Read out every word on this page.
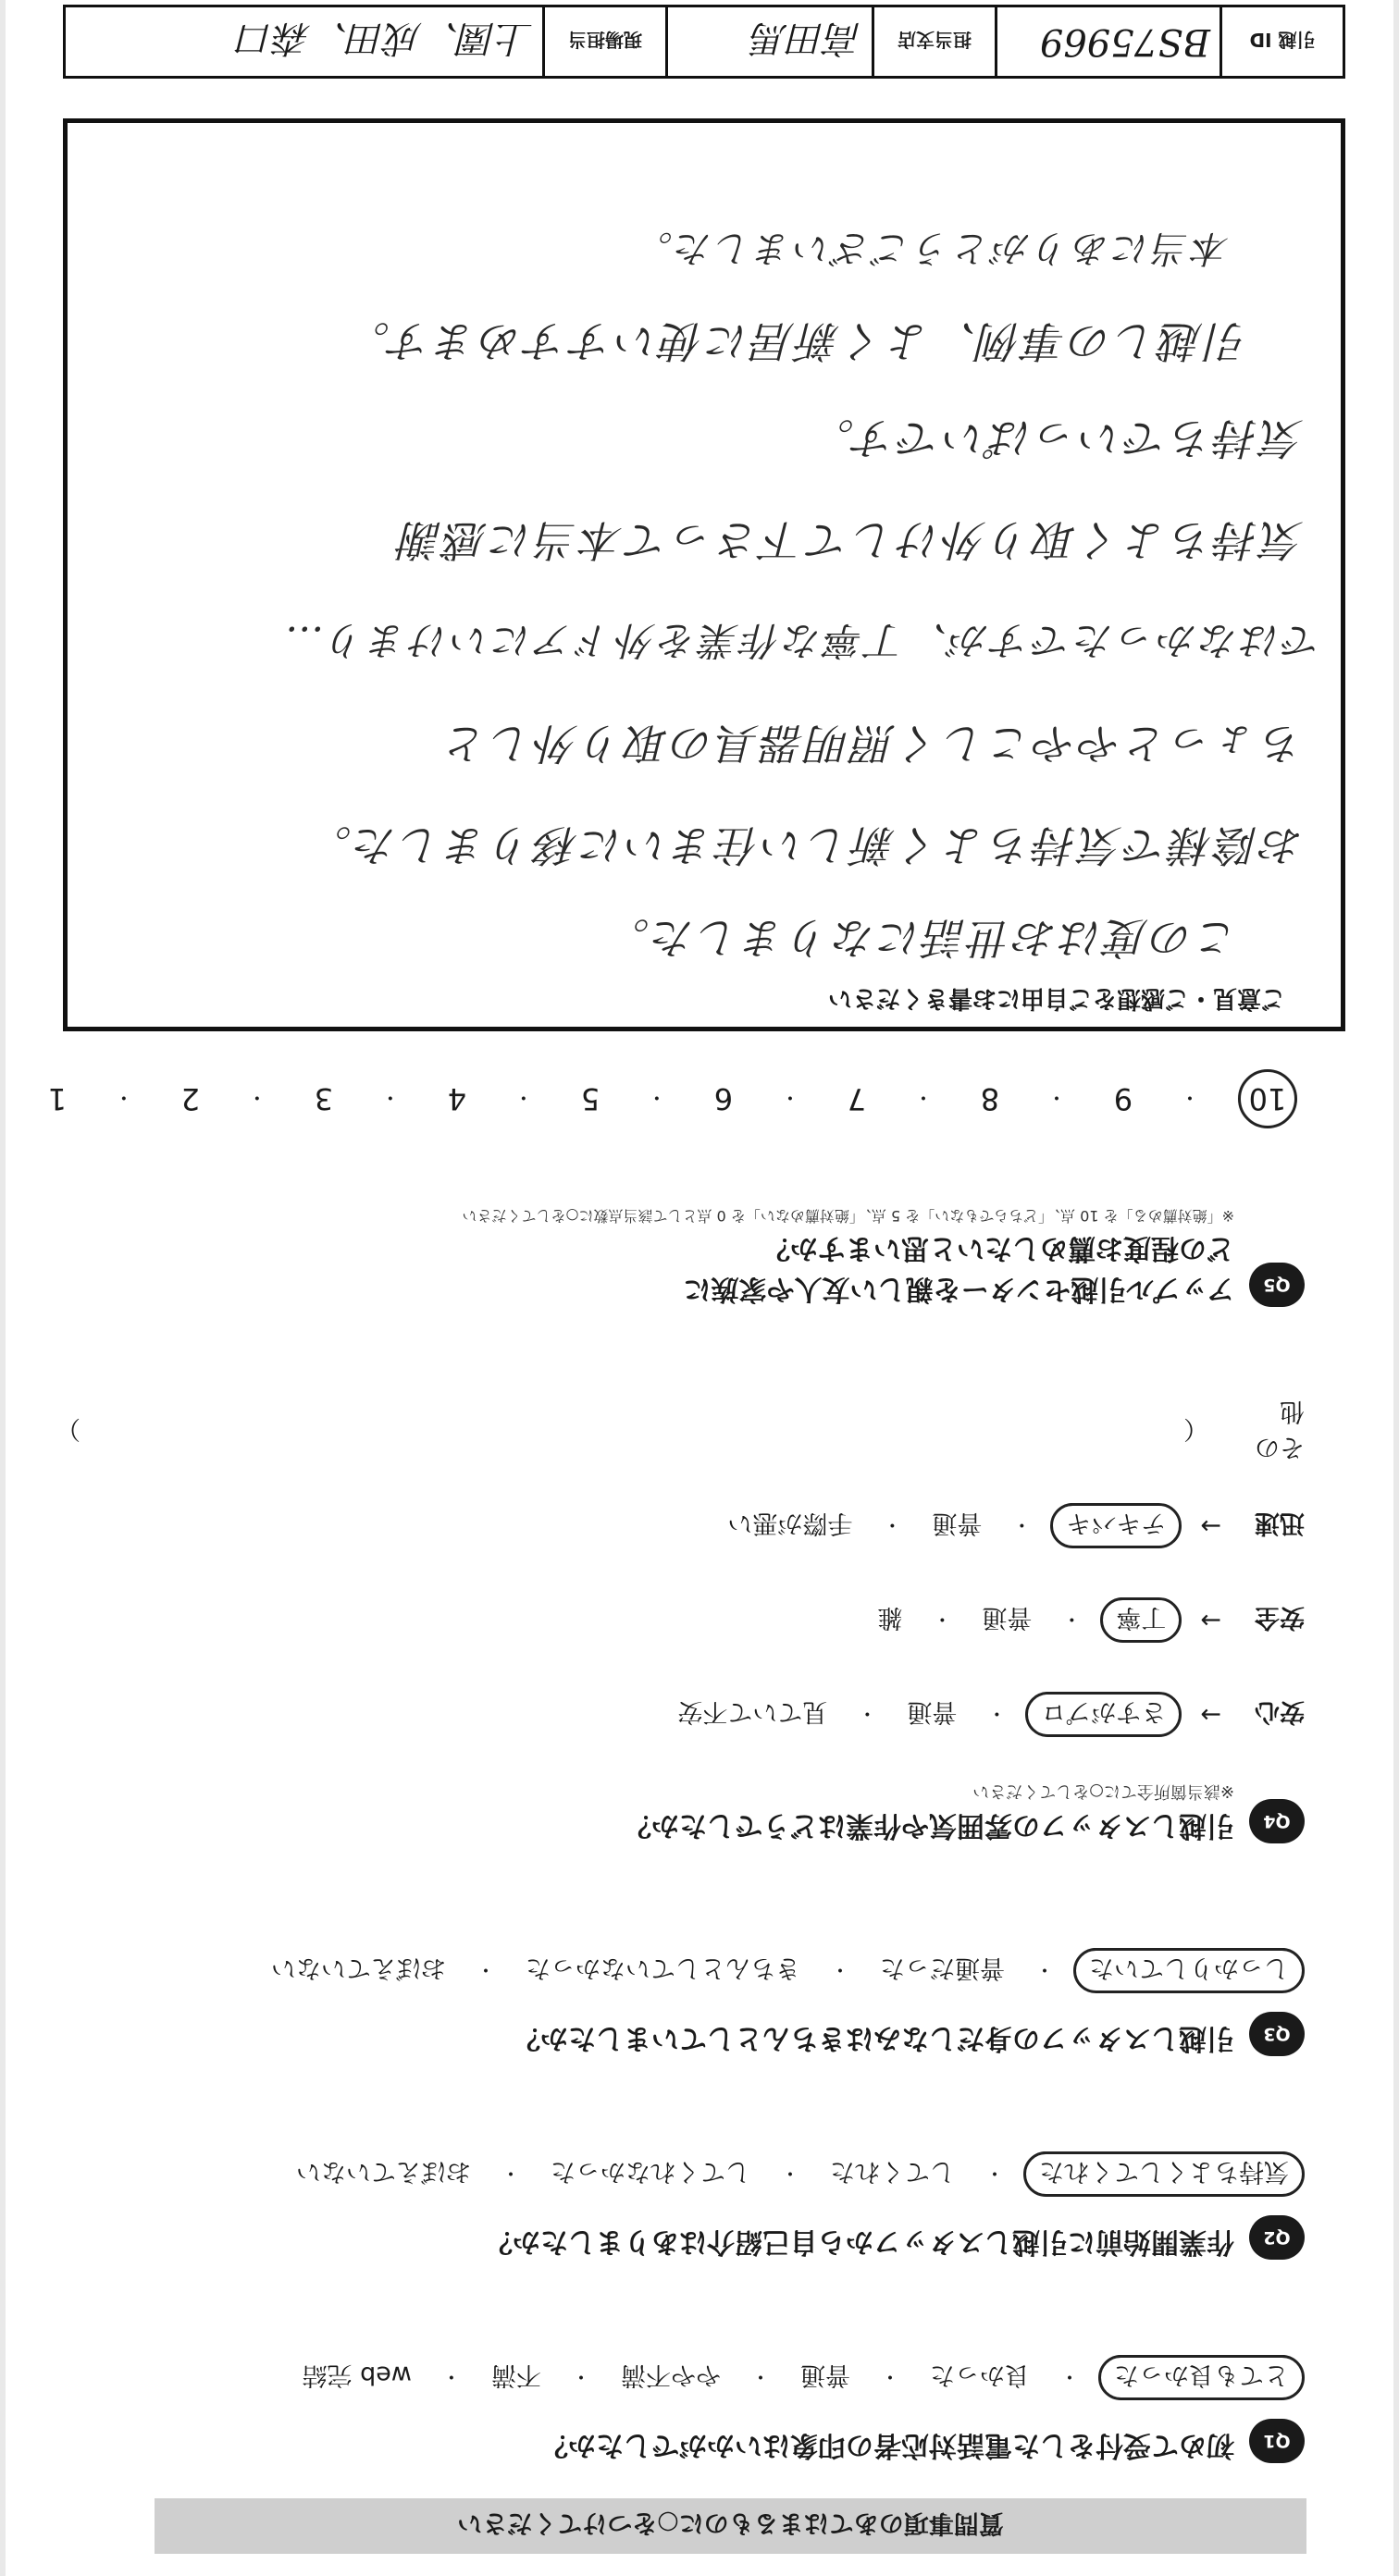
質問事項のあてはまるものに○をつけてください
Q1
初めて受付をした電話対応者の印象はいかがでしたか？
とても良かった
・
良かった
・
普通
・
やや不満
・
不満
・
web 完結
Q2
作業開始前に引越しスタッフから自己紹介はありましたか？
気持ちよくしてくれた
・
してくれた
・
してくれなかった
・
おぼえていない
Q3
引越しスタッフの身だしなみはきちんとしていましたか？
しっかりしていた
・
普通だった
・
きちんとしていなかった
・
おぼえていない
Q4
引越しスタッフの雰囲気や作業はどうでしたか？
※該当箇所全てに○をしてください
安心
→
さすがプロ
・
普通
・
見ていて不安
安全
→
丁寧
・
普通
・
雑
迅速
→
テキパキ
・
普通
・
手際が悪い
その他
（
）
Q5
アップル引越センターを親しい友人や家族に
どの程度お薦めしたいと思いますか？
※「絶対薦める」を 10 点、「どちらでもない」を 5 点、「絶対薦めない」を 0 点として該当点数に○をしてください
10
・
9
・
8
・
7
・
6
・
5
・
4
・
3
・
2
・
1
ご意見・ご感想をご自由にお書きください
この度はお世話になりました。
お陰様で気持ちよく新しい住まいに移りました。
ちょっとややこしく照明器具の取り外しと
ではなかったですが、丁寧な作業を外ドアにいけまり…
気持ちよく取り外けして下さって本当に感謝
気持ちでいっぱいです。
引越しの事例、よく新居に使いすすめます。
本当にありがとうございました。
引越 ID	BS75969	担当支店	高田馬	現場担当	上園、成田、森口
